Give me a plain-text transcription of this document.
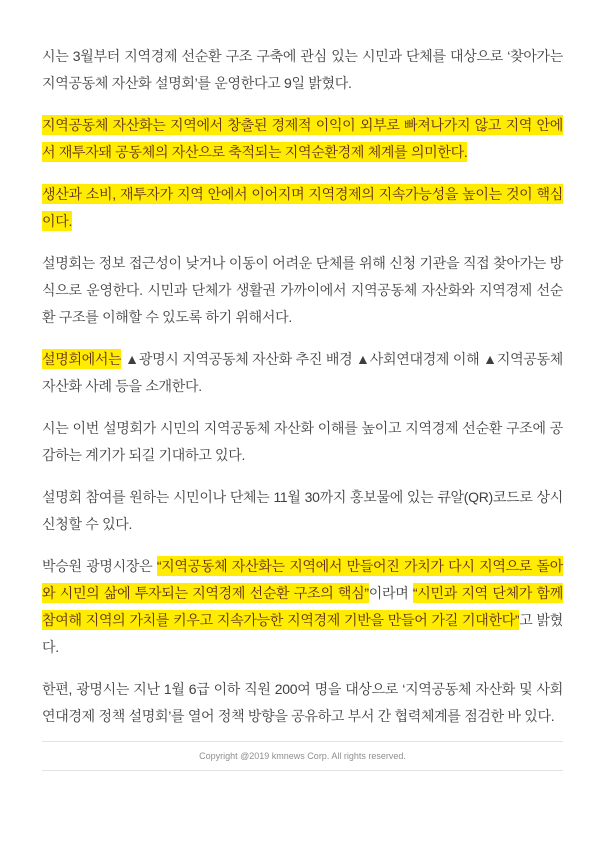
시는 3월부터 지역경제 선순환 구조 구축에 관심 있는 시민과 단체를 대상으로 ‘찾아가는 지역공동체 자산화 설명회’를 운영한다고 9일 밝혔다.

지역공동체 자산화는 지역에서 창출된 경제적 이익이 외부로 빠져나가지 않고 지역 안에서 재투자돼 공동체의 자산으로 축적되는 지역순환경제 체계를 의미한다.

생산과 소비, 재투자가 지역 안에서 이어지며 지역경제의 지속가능성을 높이는 것이 핵심이다.

설명회는 정보 접근성이 낮거나 이동이 어려운 단체를 위해 신청 기관을 직접 찾아가는 방식으로 운영한다. 시민과 단체가 생활권 가까이에서 지역공동체 자산화와 지역경제 선순환 구조를 이해할 수 있도록 하기 위해서다.

설명회에서는 ▲광명시 지역공동체 자산화 추진 배경 ▲사회연대경제 이해 ▲지역공동체 자산화 사례 등을 소개한다.

시는 이번 설명회가 시민의 지역공동체 자산화 이해를 높이고 지역경제 선순환 구조에 공감하는 계기가 되길 기대하고 있다.

설명회 참여를 원하는 시민이나 단체는 11월 30까지 홍보물에 있는 큐알(QR)코드로 상시 신청할 수 있다.

박승원 광명시장은 “지역공동체 자산화는 지역에서 만들어진 가치가 다시 지역으로 돌아와 시민의 삶에 투자되는 지역경제 선순환 구조의 핵심”이라며 “시민과 지역 단체가 함께 참여해 지역의 가치를 키우고 지속가능한 지역경제 기반을 만들어 가길 기대한다”고 밝혔다.

한편, 광명시는 지난 1월 6급 이하 직원 200여 명을 대상으로 ‘지역공동체 자산화 및 사회연대경제 정책 설명회’를 열어 정책 방향을 공유하고 부서 간 협력체계를 점검한 바 있다.

Copyright @2019 kmnews Corp. All rights reserved.
